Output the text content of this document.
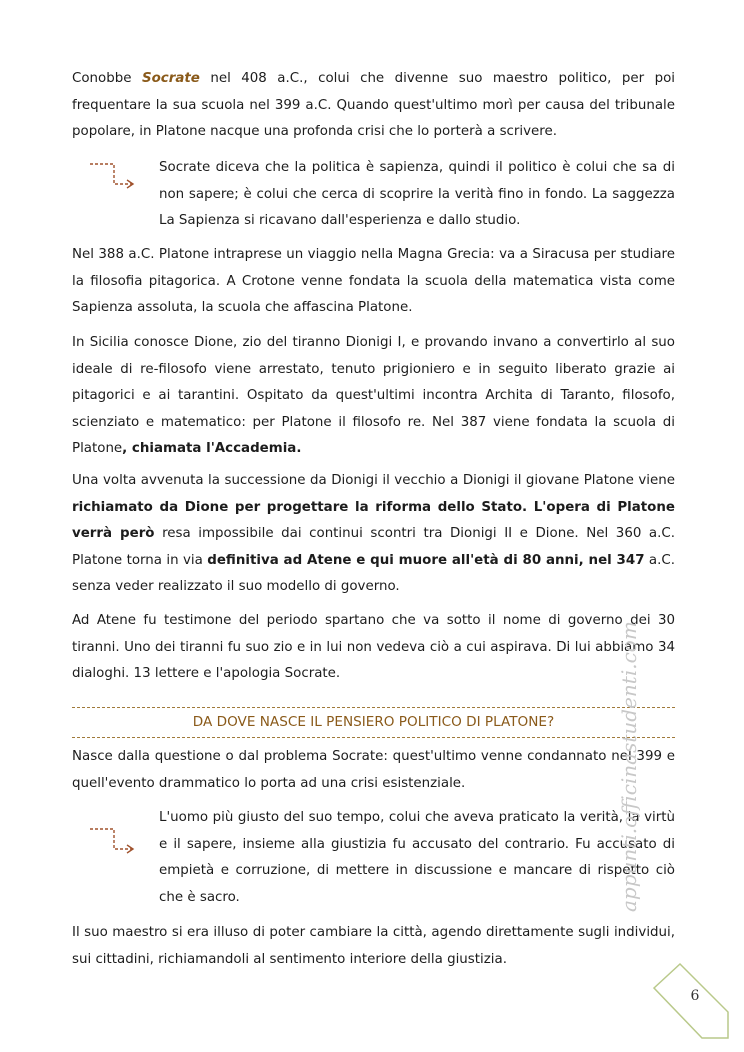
Conobbe Socrate nel 408 a.C., colui che divenne suo maestro politico, per poi frequentare la sua scuola nel 399 a.C. Quando quest'ultimo morì per causa del tribunale popolare, in Platone nacque una profonda crisi che lo porterà a scrivere.

Socrate diceva che la politica è sapienza, quindi il politico è colui che sa di non sapere; è colui che cerca di scoprire la verità fino in fondo. La saggezza La Sapienza si ricavano dall'esperienza e dallo studio.

Nel 388 a.C. Platone intraprese un viaggio nella Magna Grecia: va a Siracusa per studiare la filosofia pitagorica. A Crotone venne fondata la scuola della matematica vista come Sapienza assoluta, la scuola che affascina Platone.

In Sicilia conosce Dione, zio del tiranno Dionigi I, e provando invano a convertirlo al suo ideale di re-filosofo viene arrestato, tenuto prigioniero e in seguito liberato grazie ai pitagorici e ai tarantini. Ospitato da quest'ultimi incontra Archita di Taranto, filosofo, scienziato e matematico: per Platone il filosofo re. Nel 387 viene fondata la scuola di Platone, chiamata l'Accademia.

Una volta avvenuta la successione da Dionigi il vecchio a Dionigi il giovane Platone viene richiamato da Dione per progettare la riforma dello Stato. L'opera di Platone verrà però resa impossibile dai continui scontri tra Dionigi II e Dione. Nel 360 a.C. Platone torna in via definitiva ad Atene e qui muore all'età di 80 anni, nel 347 a.C. senza veder realizzato il suo modello di governo.

Ad Atene fu testimone del periodo spartano che va sotto il nome di governo dei 30 tiranni. Uno dei tiranni fu suo zio e in lui non vedeva ciò a cui aspirava. Di lui abbiamo 34 dialoghi. 13 lettere e l'apologia Socrate.

DA DOVE NASCE IL PENSIERO POLITICO DI PLATONE?

Nasce dalla questione o dal problema Socrate: quest'ultimo venne condannato nel 399 e quell'evento drammatico lo porta ad una crisi esistenziale.

L'uomo più giusto del suo tempo, colui che aveva praticato la verità, la virtù e il sapere, insieme alla giustizia fu accusato del contrario. Fu accusato di empietà e corruzione, di mettere in discussione e mancare di rispetto ciò che è sacro.

Il suo maestro si era illuso di poter cambiare la città, agendo direttamente sugli individui, sui cittadini, richiamandoli al sentimento interiore della giustizia.

appunti.officinastudenti.com
6
